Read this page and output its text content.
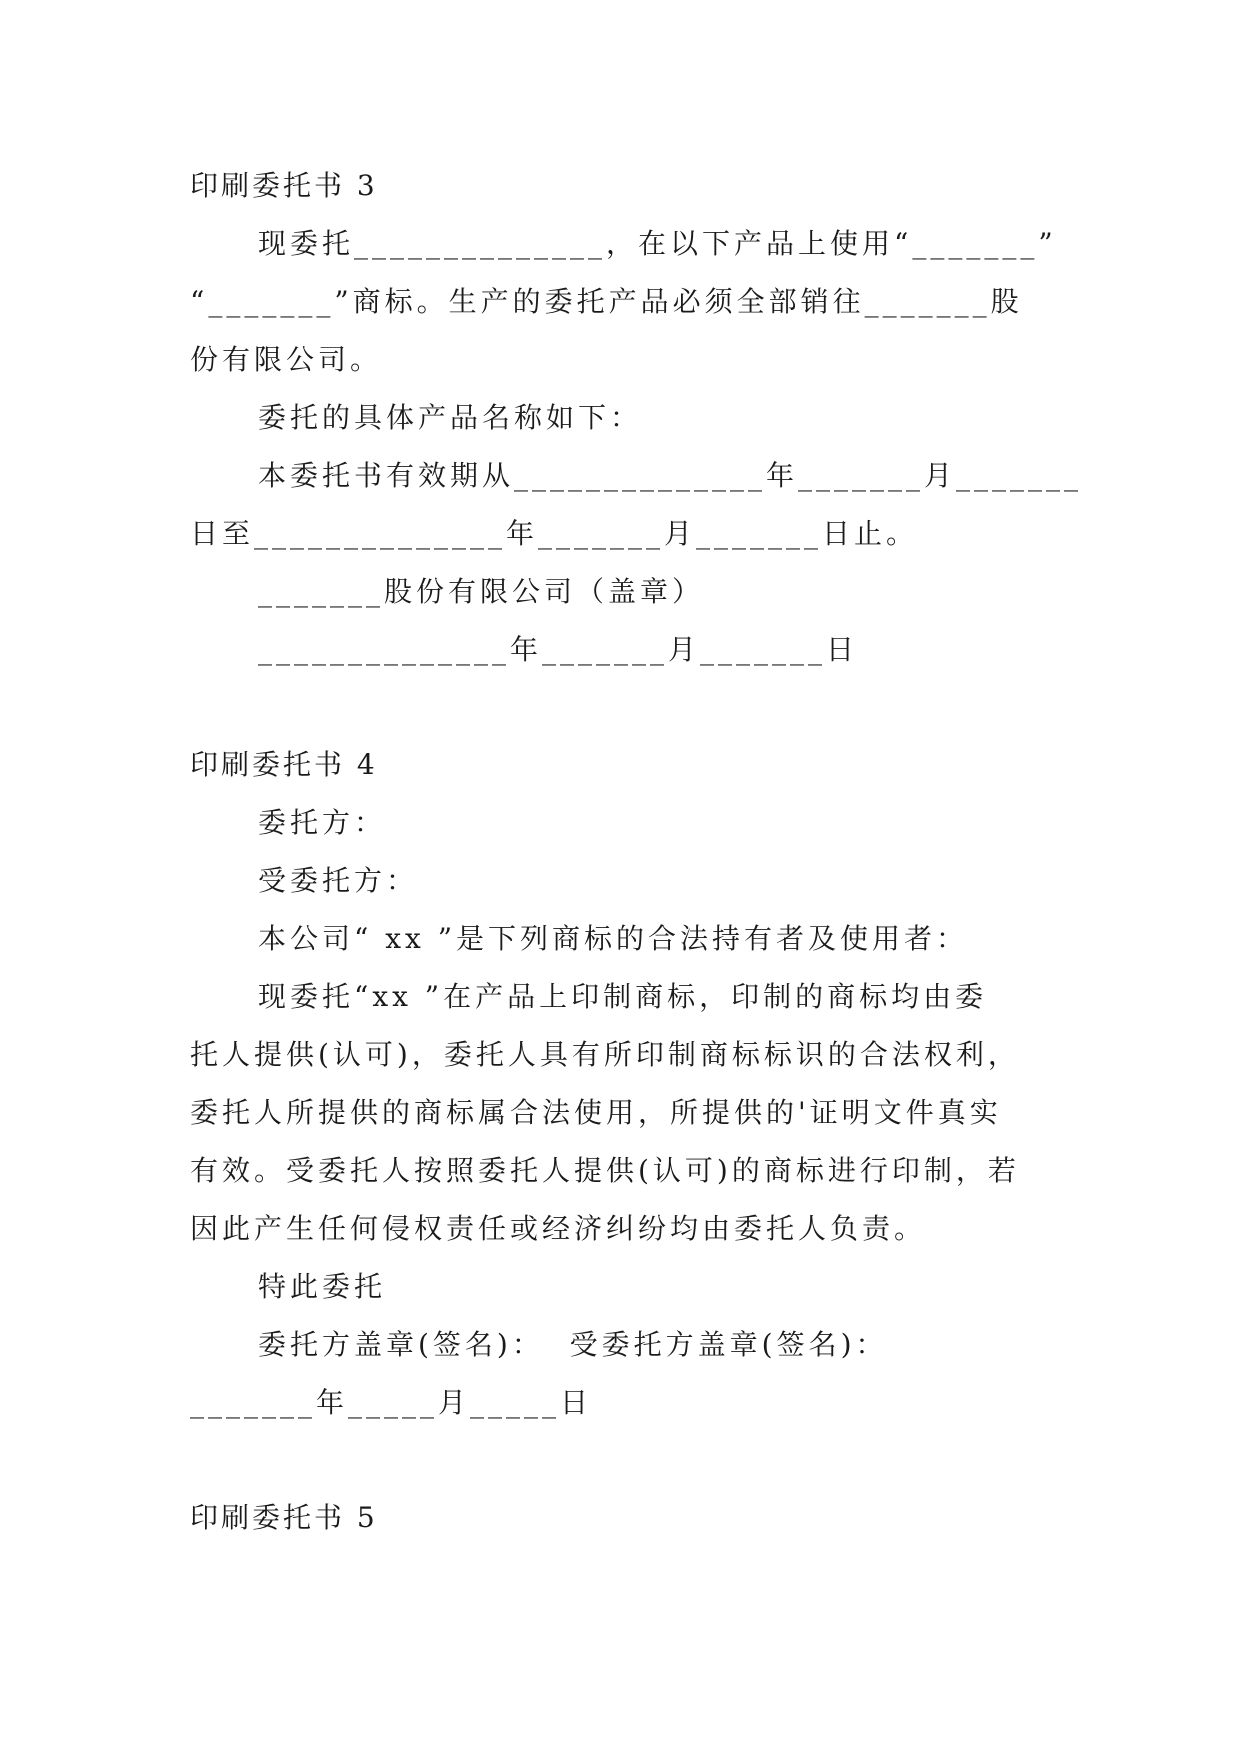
印刷委托书 3
现委托______________，在以下产品上使用“_______”
“_______”商标。生产的委托产品必须全部销往_______股
份有限公司。
委托的具体产品名称如下：
本委托书有效期从______________年_______月_______
日至______________年_______月_______日止。
_______股份有限公司（盖章）
______________年_______月_______日
印刷委托书 4
委托方：
受委托方：
本公司“ xx ”是下列商标的合法持有者及使用者：
现委托“xx ”在产品上印制商标，印制的商标均由委
托人提供(认可)，委托人具有所印制商标标识的合法权利，
委托人所提供的商标属合法使用，所提供的'证明文件真实
有效。受委托人按照委托人提供(认可)的商标进行印制，若
因此产生任何侵权责任或经济纠纷均由委托人负责。
特此委托
委托方盖章(签名)：  受委托方盖章(签名)：
_______年_____月_____日
印刷委托书 5
